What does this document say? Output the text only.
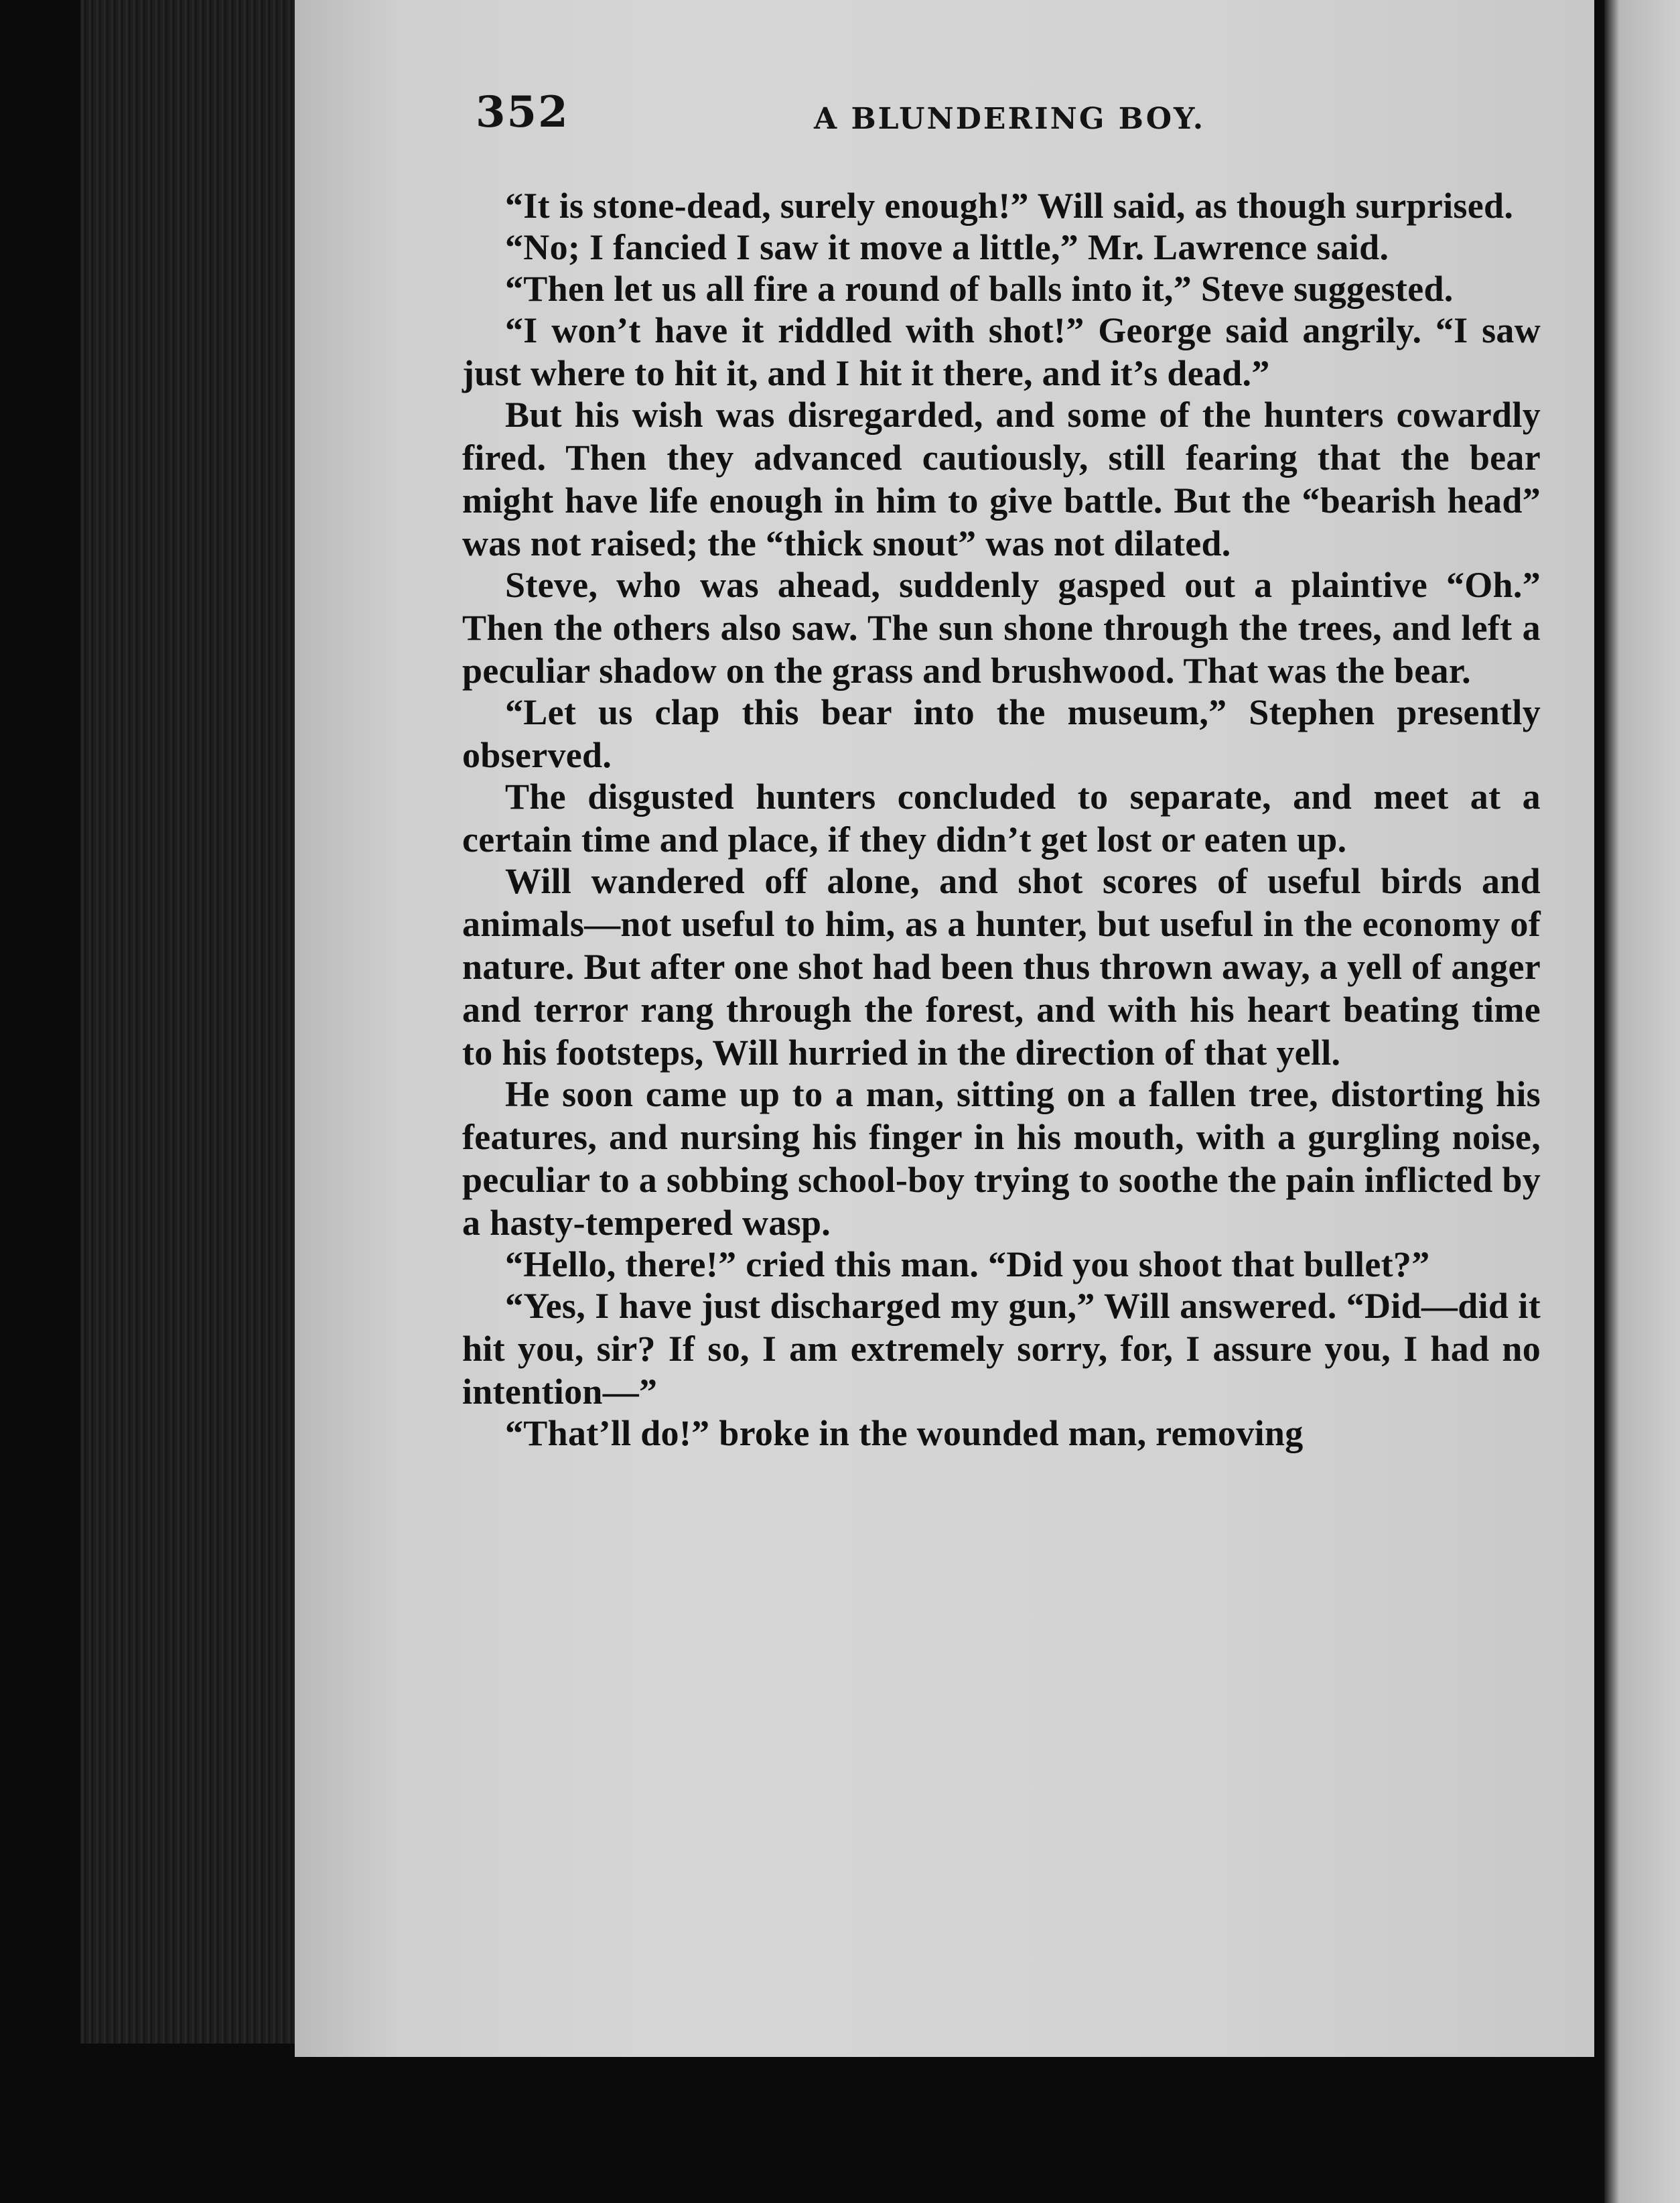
352	A BLUNDERING BOY.

“It is stone-dead, surely enough!” Will said, as though surprised.

“No; I fancied I saw it move a little,” Mr. Lawrence said.

“Then let us all fire a round of balls into it,” Steve suggested.

“I won’t have it riddled with shot!” George said angrily. “I saw just where to hit it, and I hit it there, and it’s dead.”

But his wish was disregarded, and some of the hunters cowardly fired. Then they advanced cautiously, still fearing that the bear might have life enough in him to give battle. But the “bearish head” was not raised; the “thick snout” was not dilated.

Steve, who was ahead, suddenly gasped out a plaintive “Oh.” Then the others also saw. The sun shone through the trees, and left a peculiar shadow on the grass and brushwood. That was the bear.

“Let us clap this bear into the museum,” Stephen presently observed.

The disgusted hunters concluded to separate, and meet at a certain time and place, if they didn’t get lost or eaten up.

Will wandered off alone, and shot scores of useful birds and animals—not useful to him, as a hunter, but useful in the economy of nature. But after one shot had been thus thrown away, a yell of anger and terror rang through the forest, and with his heart beating time to his footsteps, Will hurried in the direction of that yell.

He soon came up to a man, sitting on a fallen tree, distorting his features, and nursing his finger in his mouth, with a gurgling noise, peculiar to a sobbing school-boy trying to soothe the pain inflicted by a hasty-tempered wasp.

“Hello, there!” cried this man. “Did you shoot that bullet?”

“Yes, I have just discharged my gun,” Will answered. “Did—did it hit you, sir? If so, I am extremely sorry, for, I assure you, I had no intention—”

“That’ll do!” broke in the wounded man, removing
